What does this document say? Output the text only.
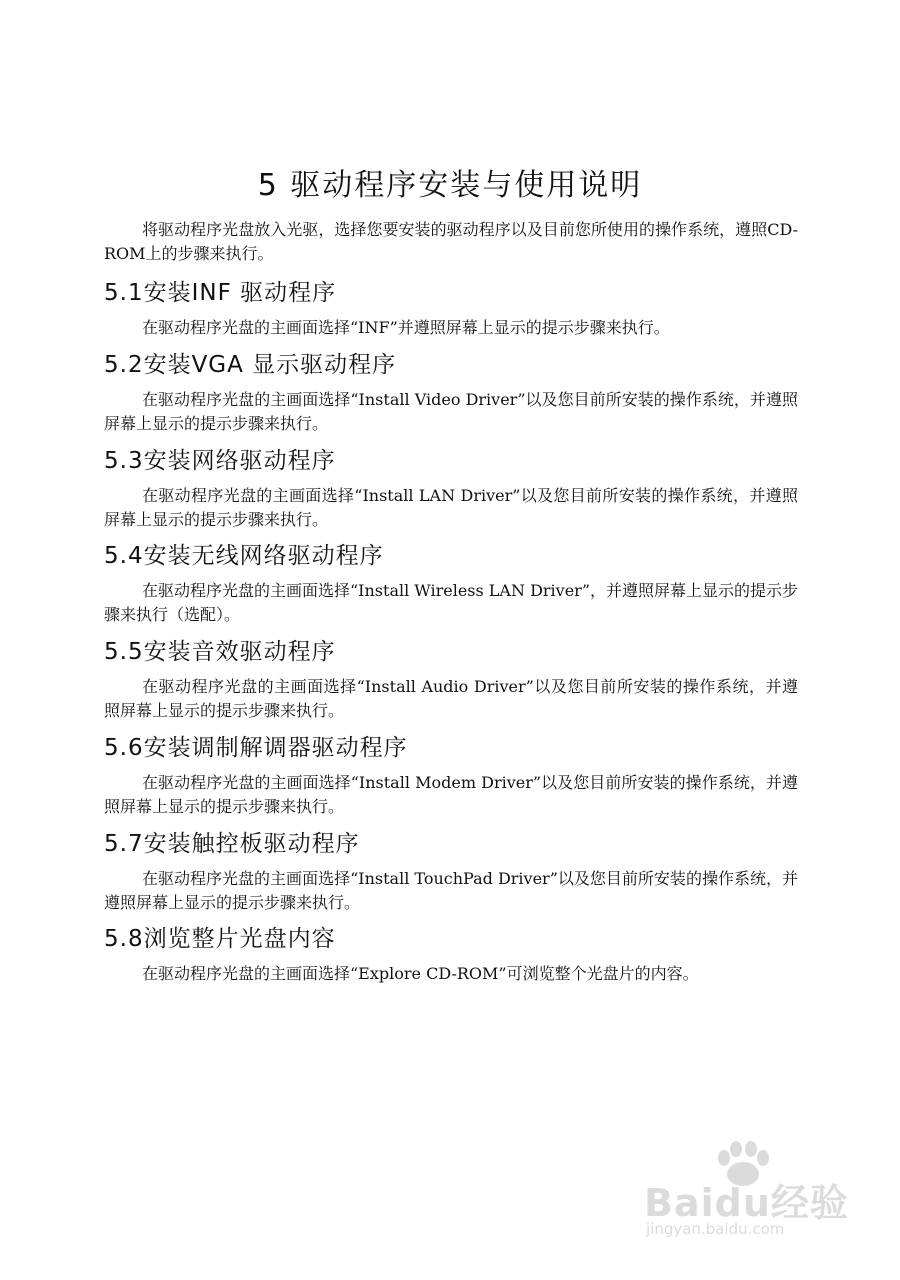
5 驱动程序安装与使用说明

将驱动程序光盘放入光驱，选择您要安装的驱动程序以及目前您所使用的操作系统，遵照CD-ROM上的步骤来执行。

5.1安装INF 驱动程序

在驱动程序光盘的主画面选择“INF”并遵照屏幕上显示的提示步骤来执行。

5.2安装VGA 显示驱动程序

在驱动程序光盘的主画面选择“Install Video Driver”以及您目前所安装的操作系统，并遵照屏幕上显示的提示步骤来执行。

5.3安装网络驱动程序

在驱动程序光盘的主画面选择“Install LAN Driver”以及您目前所安装的操作系统，并遵照屏幕上显示的提示步骤来执行。

5.4安装无线网络驱动程序

在驱动程序光盘的主画面选择“Install Wireless LAN Driver”，并遵照屏幕上显示的提示步骤来执行（选配）。

5.5安装音效驱动程序

在驱动程序光盘的主画面选择“Install Audio Driver”以及您目前所安装的操作系统，并遵照屏幕上显示的提示步骤来执行。

5.6安装调制解调器驱动程序

在驱动程序光盘的主画面选择“Install Modem Driver”以及您目前所安装的操作系统，并遵照屏幕上显示的提示步骤来执行。

5.7安装触控板驱动程序

在驱动程序光盘的主画面选择“Install TouchPad Driver”以及您目前所安装的操作系统，并遵照屏幕上显示的提示步骤来执行。

5.8浏览整片光盘内容

在驱动程序光盘的主画面选择“Explore CD-ROM”可浏览整个光盘片的内容。

Baidu经验
jingyan.baidu.com
